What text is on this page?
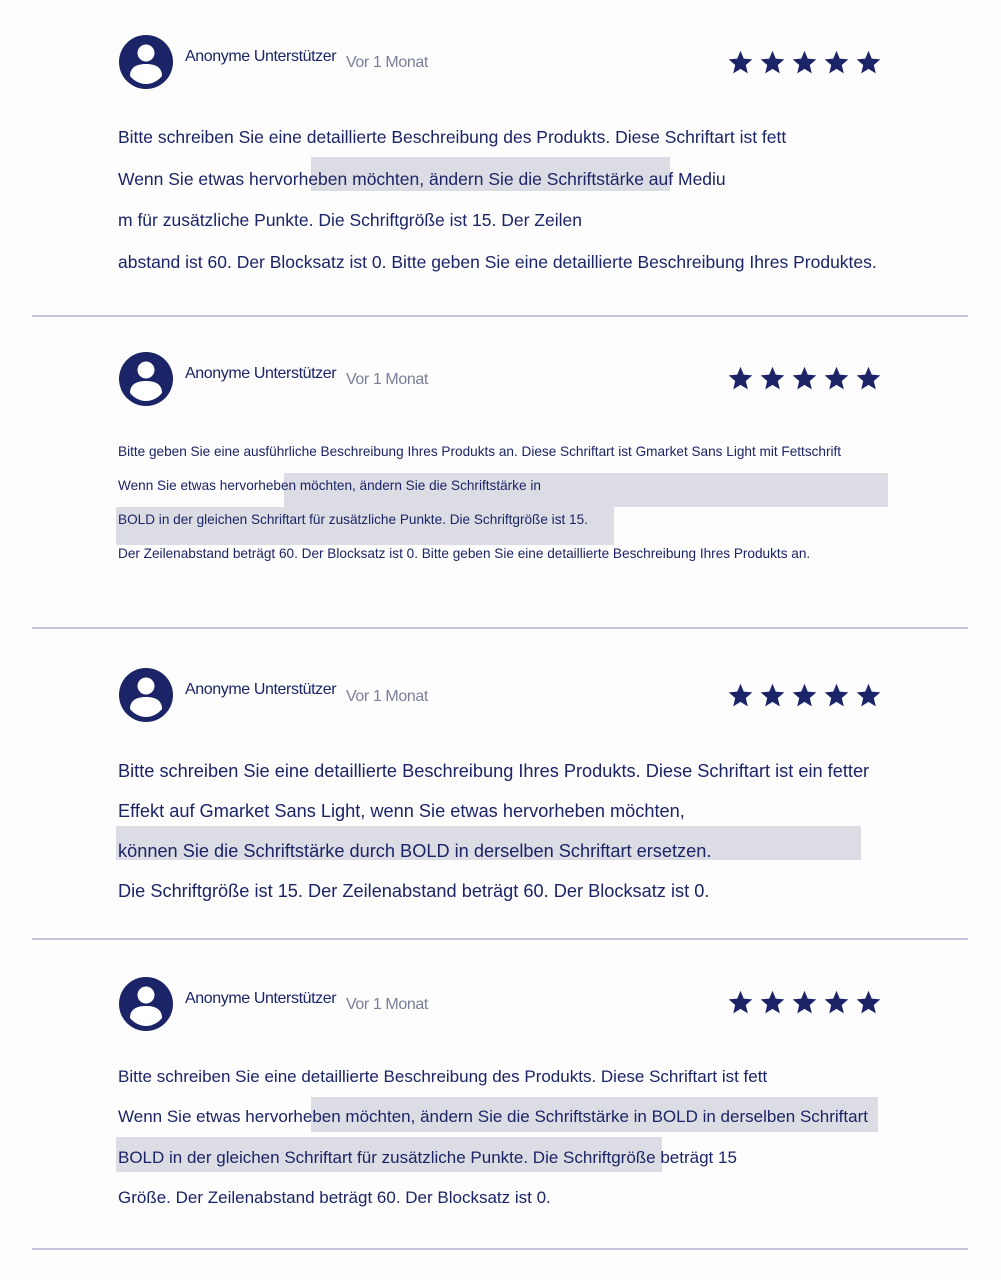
Anonyme Unterstützer Vor 1 Monat
Bitte schreiben Sie eine detaillierte Beschreibung des Produkts. Diese Schriftart ist fett
Wenn Sie etwas hervorheben möchten, ändern Sie die Schriftstärke auf Mediu
m für zusätzliche Punkte. Die Schriftgröße ist 15. Der Zeilen
abstand ist 60. Der Blocksatz ist 0. Bitte geben Sie eine detaillierte Beschreibung Ihres Produktes.
Anonyme Unterstützer Vor 1 Monat
Bitte geben Sie eine ausführliche Beschreibung Ihres Produkts an. Diese Schriftart ist Gmarket Sans Light mit Fettschrift
Wenn Sie etwas hervorheben möchten, ändern Sie die Schriftstärke in
BOLD in der gleichen Schriftart für zusätzliche Punkte. Die Schriftgröße ist 15.
Der Zeilenabstand beträgt 60. Der Blocksatz ist 0. Bitte geben Sie eine detaillierte Beschreibung Ihres Produkts an.
Anonyme Unterstützer Vor 1 Monat
Bitte schreiben Sie eine detaillierte Beschreibung Ihres Produkts. Diese Schriftart ist ein fetter
Effekt auf Gmarket Sans Light, wenn Sie etwas hervorheben möchten,
können Sie die Schriftstärke durch BOLD in derselben Schriftart ersetzen.
Die Schriftgröße ist 15. Der Zeilenabstand beträgt 60. Der Blocksatz ist 0.
Anonyme Unterstützer Vor 1 Monat
Bitte schreiben Sie eine detaillierte Beschreibung des Produkts. Diese Schriftart ist fett
Wenn Sie etwas hervorheben möchten, ändern Sie die Schriftstärke in BOLD in derselben Schriftart
BOLD in der gleichen Schriftart für zusätzliche Punkte. Die Schriftgröße beträgt 15
Größe. Der Zeilenabstand beträgt 60. Der Blocksatz ist 0.
